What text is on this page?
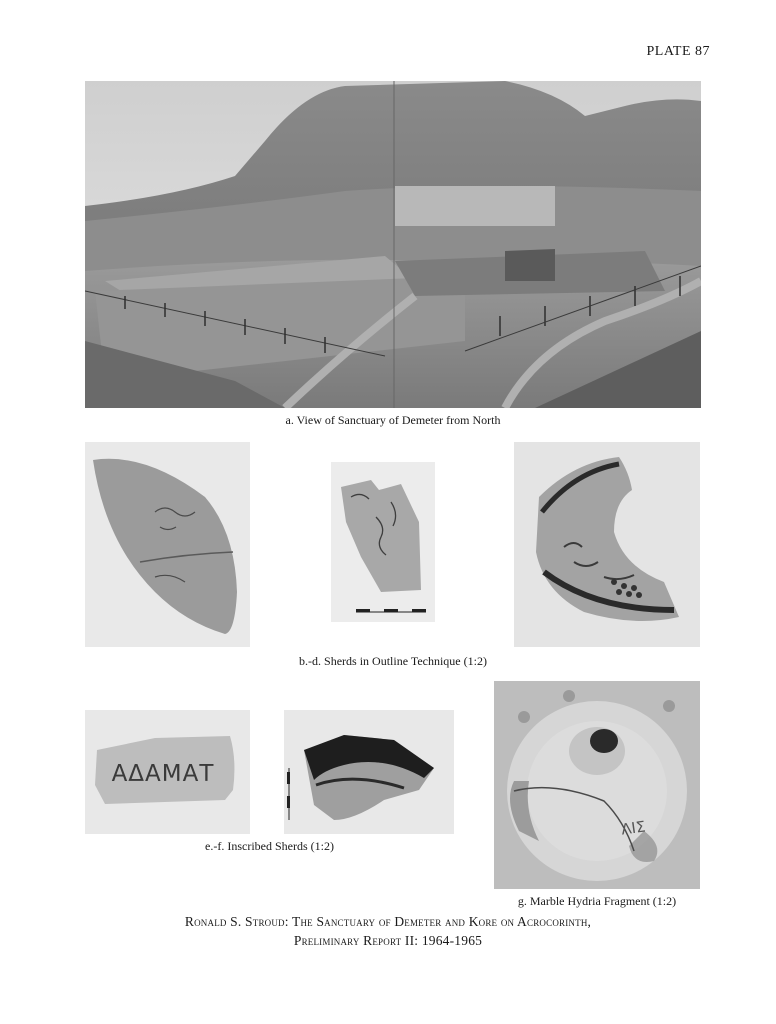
PLATE 87
a. View of Sanctuary of Demeter from North
b.-d. Sherds in Outline Technique (1:2)
ΑΔΑΜΑΤ
e.-f. Inscribed Sherds (1:2)
ΛΙΣ
g. Marble Hydria Fragment (1:2)
Ronald S. Stroud: The Sanctuary of Demeter and Kore on Acrocorinth,
Preliminary Report II: 1964-1965
